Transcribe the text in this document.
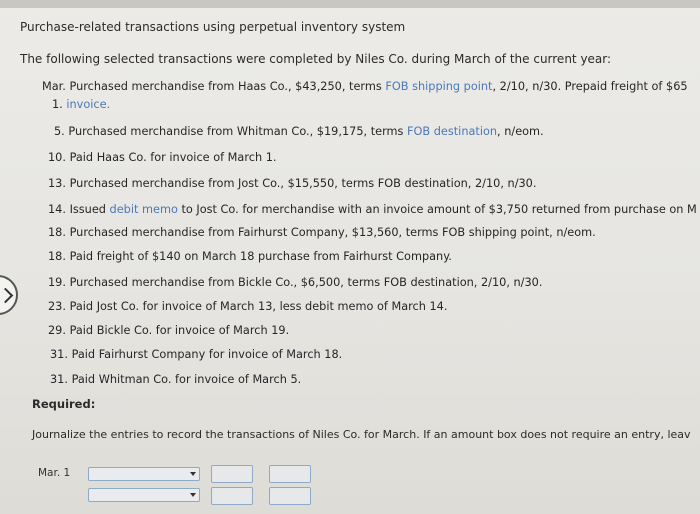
Purchase-related transactions using perpetual inventory system
The following selected transactions were completed by Niles Co. during March of the current year:
Mar. Purchased merchandise from Haas Co., $43,250, terms FOB shipping point, 2/10, n/30. Prepaid freight of $65
1. invoice.
5. Purchased merchandise from Whitman Co., $19,175, terms FOB destination, n/eom.
10. Paid Haas Co. for invoice of March 1.
13. Purchased merchandise from Jost Co., $15,550, terms FOB destination, 2/10, n/30.
14. Issued debit memo to Jost Co. for merchandise with an invoice amount of $3,750 returned from purchase on M
18. Purchased merchandise from Fairhurst Company, $13,560, terms FOB shipping point, n/eom.
18. Paid freight of $140 on March 18 purchase from Fairhurst Company.
19. Purchased merchandise from Bickle Co., $6,500, terms FOB destination, 2/10, n/30.
23. Paid Jost Co. for invoice of March 13, less debit memo of March 14.
29. Paid Bickle Co. for invoice of March 19.
31. Paid Fairhurst Company for invoice of March 18.
31. Paid Whitman Co. for invoice of March 5.
Required:
Journalize the entries to record the transactions of Niles Co. for March. If an amount box does not require an entry, leav
Mar. 1
